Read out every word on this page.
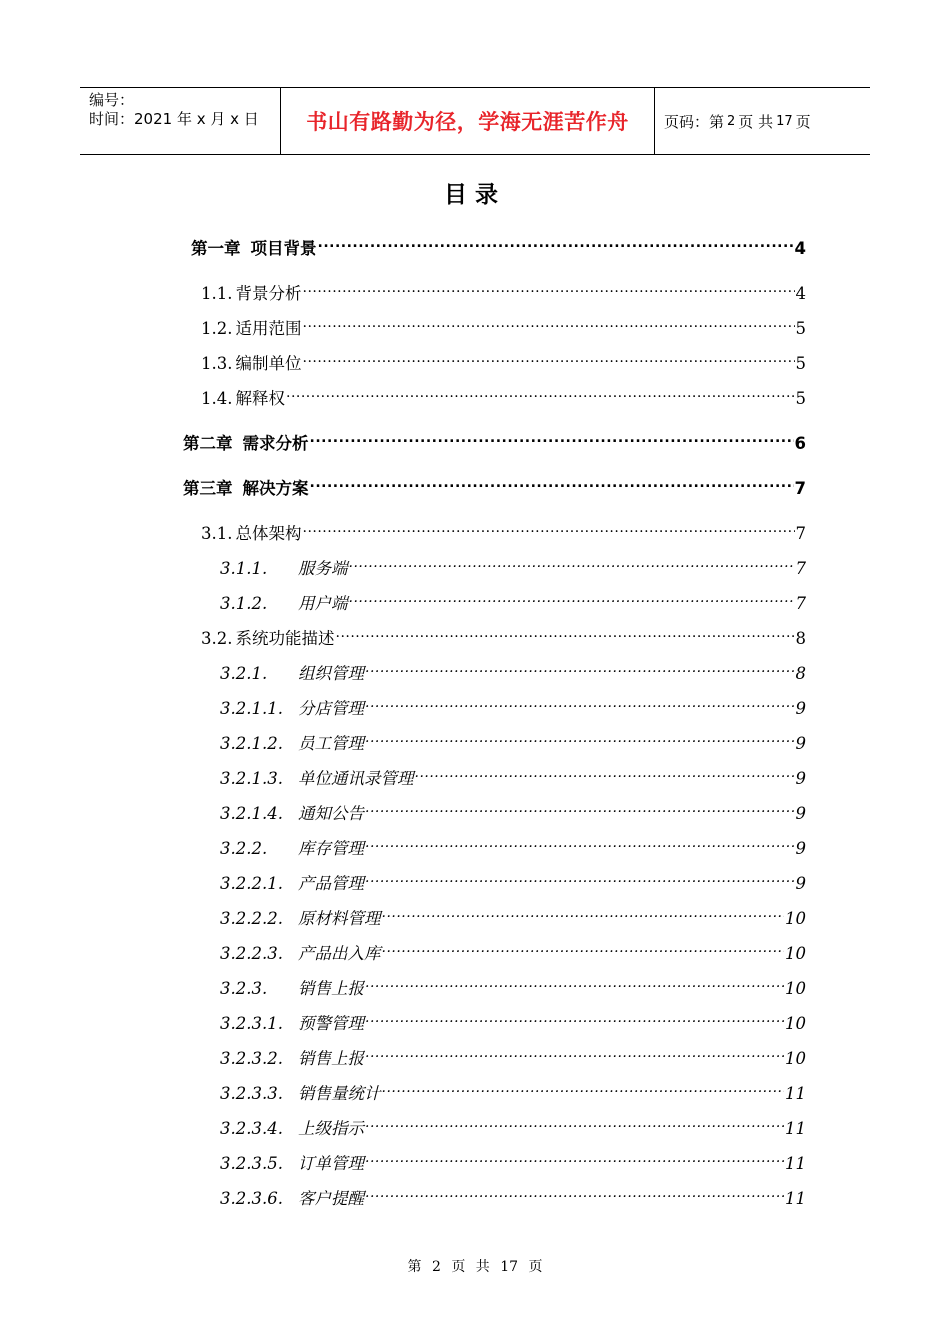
编号：
时间：2021 年 x 月 x 日	书山有路勤为径，学海无涯苦作舟	页码：第 2 页 共 17 页
目录
第一章 项目背景 .....	4
1.1. 背景分析 .....	4
1.2. 适用范围 .....	5
1.3. 编制单位 .....	5
1.4. 解释权 .....	5
第二章 需求分析 .....	6
第三章 解决方案 .....	7
3.1. 总体架构 .....	7
3.1.1.	服务端 .....	7
3.1.2.	用户端 .....	7
3.2. 系统功能描述 .....	8
3.2.1.	组织管理 .....	8
3.2.1.1. 分店管理 .....	9
3.2.1.2. 员工管理 .....	9
3.2.1.3. 单位通讯录管理 .....	9
3.2.1.4. 通知公告 .....	9
3.2.2.	库存管理 .....	9
3.2.2.1. 产品管理 .....	9
3.2.2.2. 原材料管理 .....	10
3.2.2.3. 产品出入库 .....	10
3.2.3.	销售上报 .....	10
3.2.3.1. 预警管理 .....	10
3.2.3.2. 销售上报 .....	10
3.2.3.3. 销售量统计 .....	11
3.2.3.4. 上级指示 .....	11
3.2.3.5. 订单管理 .....	11
3.2.3.6. 客户提醒 .....	11
第 2 页 共 17 页
